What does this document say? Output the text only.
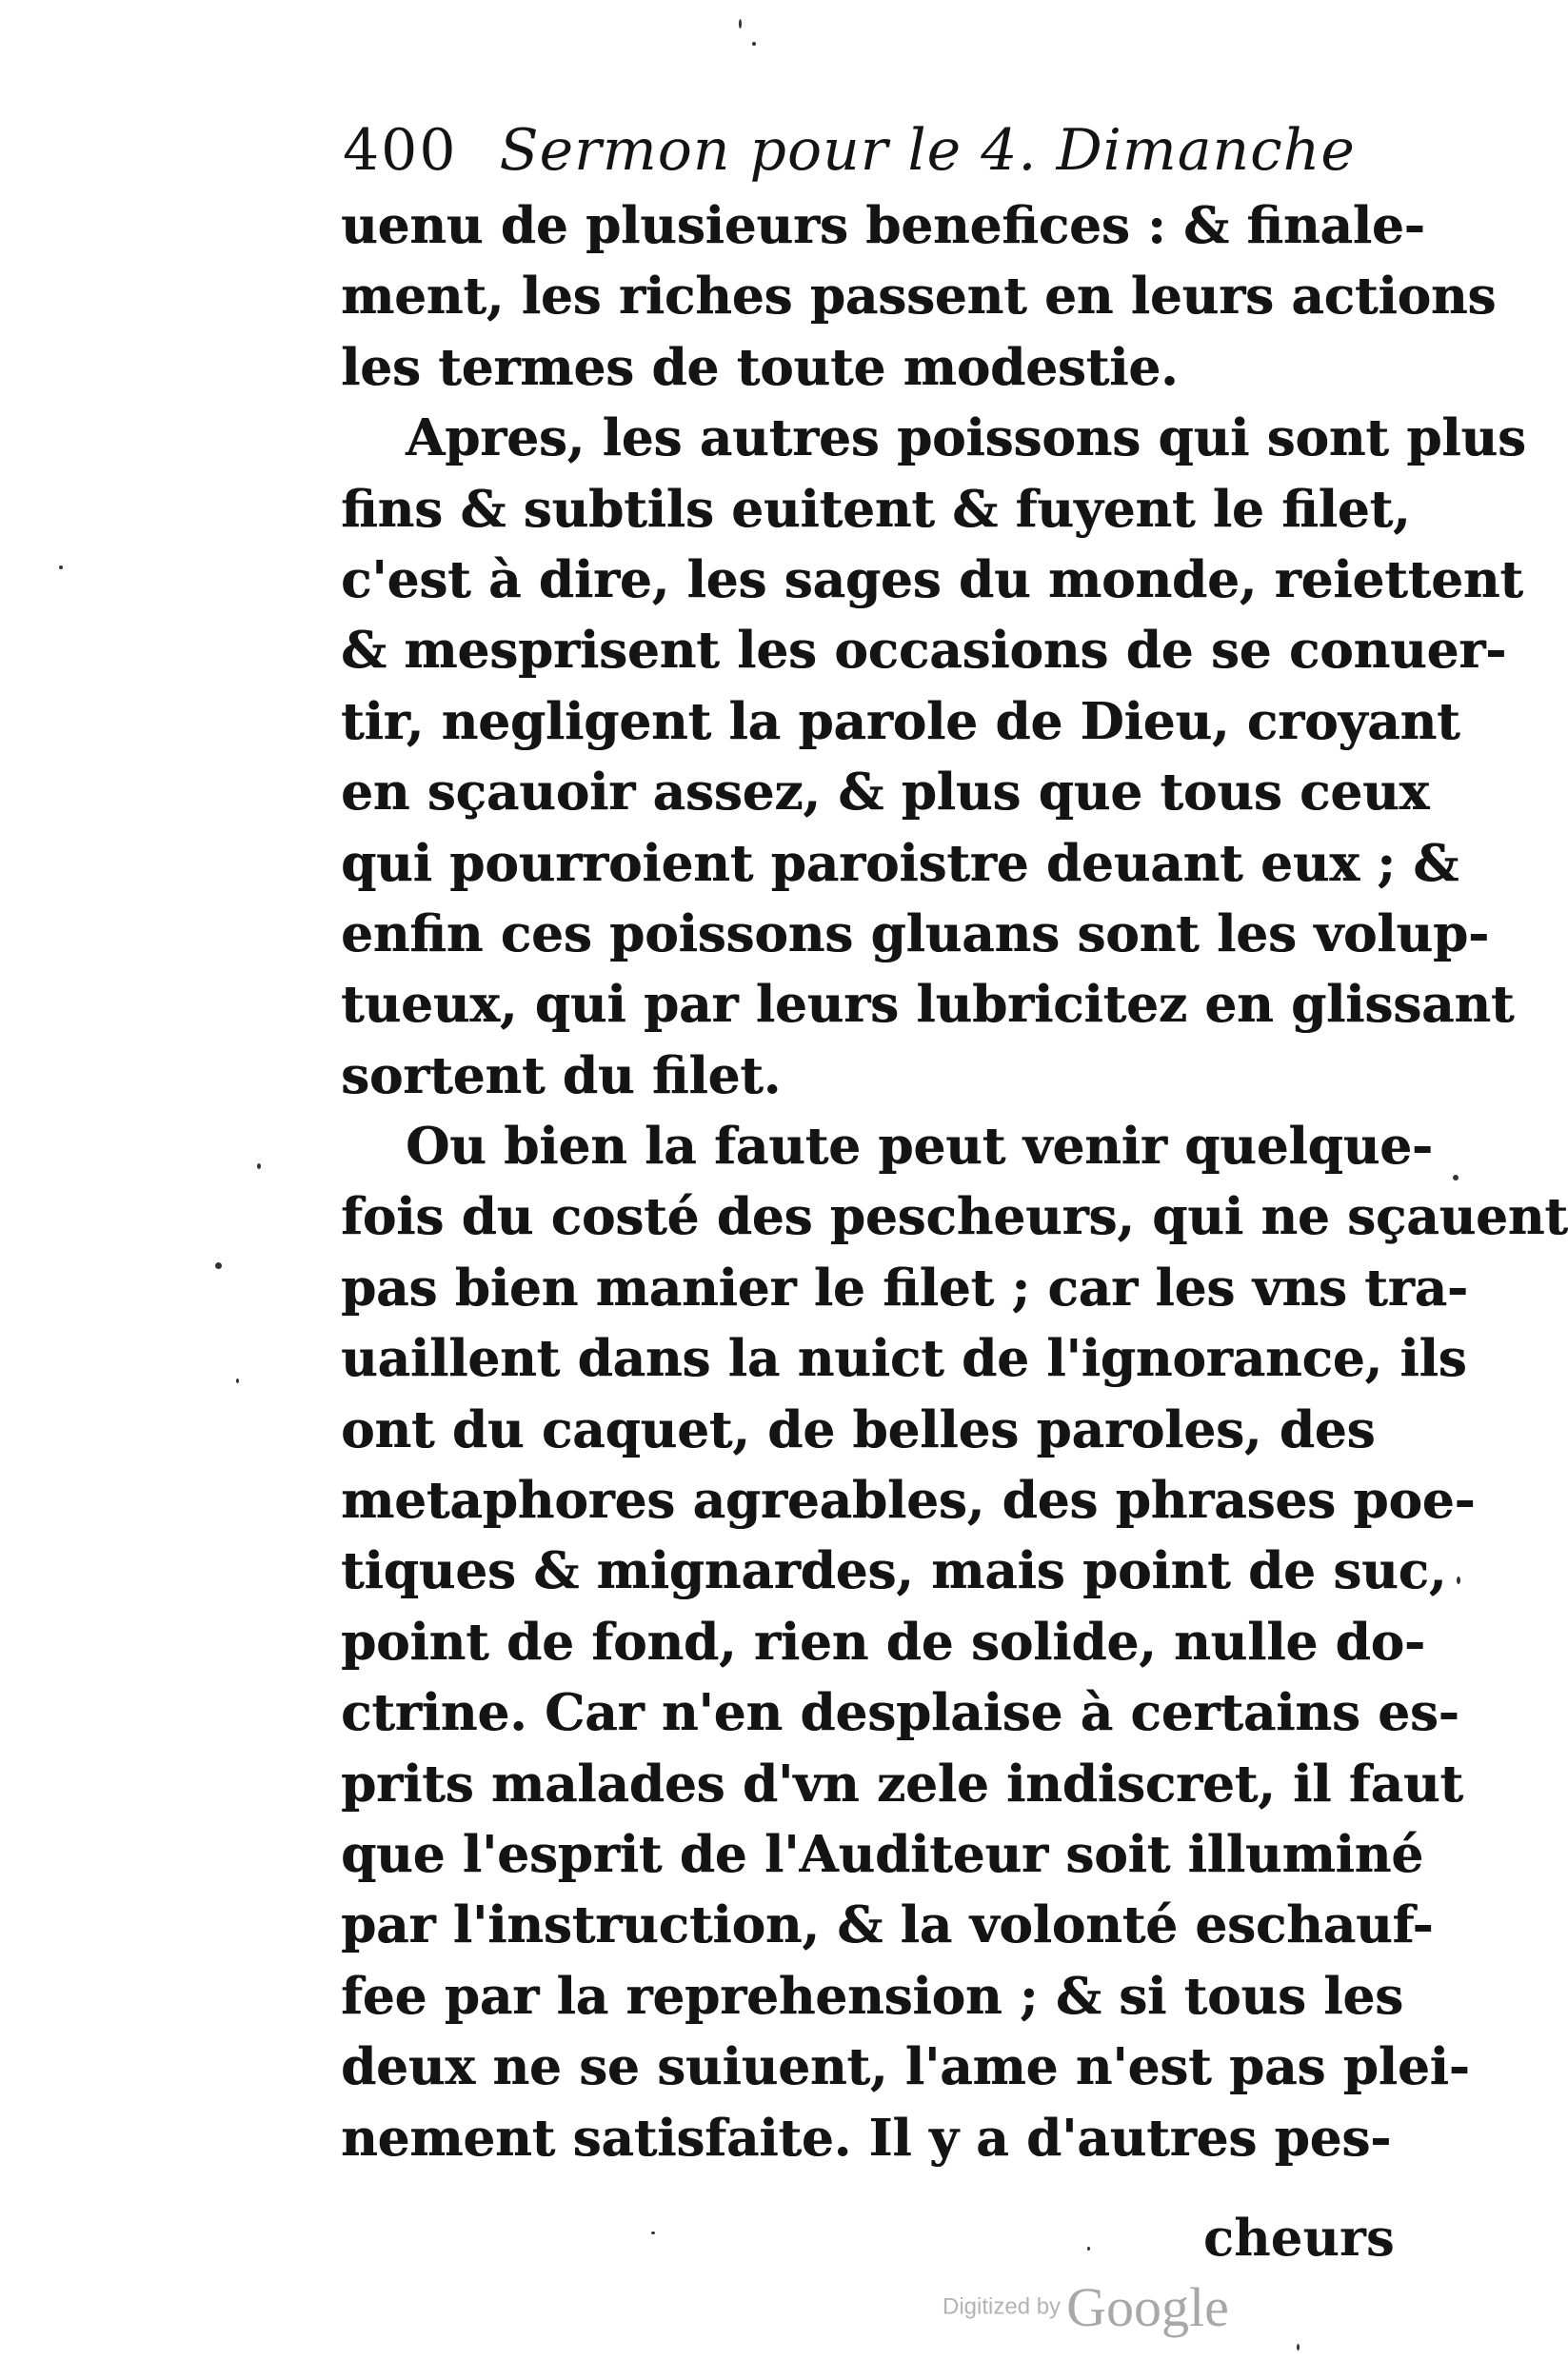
400 Sermon pour le 4. Dimanche
uenu de plusieurs benefices : & finale-
ment, les riches passent en leurs actions
les termes de toute modestie.
Apres, les autres poissons qui sont plus
fins & subtils euitent & fuyent le filet,
c'est à dire, les sages du monde, reiettent
& mesprisent les occasions de se conuer-
tir, negligent la parole de Dieu, croyant
en sçauoir assez, & plus que tous ceux
qui pourroient paroistre deuant eux ; &
enfin ces poissons gluans sont les volup-
tueux, qui par leurs lubricitez en glissant
sortent du filet.
Ou bien la faute peut venir quelque-
fois du costé des pescheurs, qui ne sçauent
pas bien manier le filet ; car les vns tra-
uaillent dans la nuict de l'ignorance, ils
ont du caquet, de belles paroles, des
metaphores agreables, des phrases poe-
tiques & mignardes, mais point de suc,
point de fond, rien de solide, nulle do-
ctrine. Car n'en desplaise à certains es-
prits malades d'vn zele indiscret, il faut
que l'esprit de l'Auditeur soit illuminé
par l'instruction, & la volonté eschauf-
fee par la reprehension ; & si tous les
deux ne se suiuent, l'ame n'est pas plei-
nement satisfaite. Il y a d'autres pes-
cheurs
Digitized by Google
